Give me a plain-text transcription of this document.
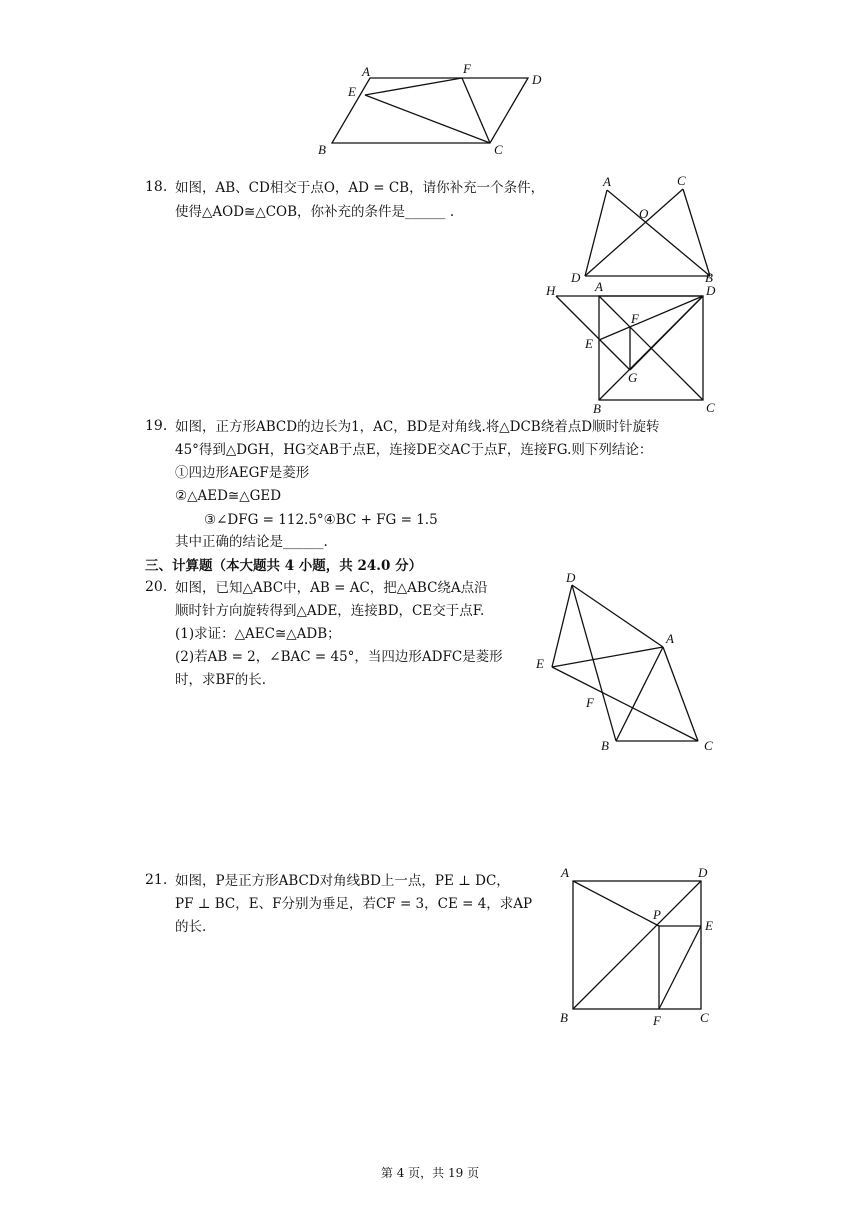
A	F
D
E
B	C
18. 如图，AB、CD相交于点O，AD = CB，请你补充一个条件，
使得△AOD≅△COB，你补充的条件是______ .
A	C
O
D	B
H	A	D
F
E
G
B	C
19. 如图，正方形ABCD的边长为1，AC，BD是对角线.将△DCB绕着点D顺时针旋转
45°得到△DGH，HG交AB于点E，连接DE交AC于点F，连接FG.则下列结论：
①四边形AEGF是菱形
②△AED≅△GED
③∠DFG = 112.5°④BC + FG = 1.5
其中正确的结论是______.
三、计算题（本大题共 4 小题，共 24.0 分）
20. 如图，已知△ABC中，AB = AC，把△ABC绕A点沿
顺时针方向旋转得到△ADE，连接BD，CE交于点F.
(1)求证：△AEC≅△ADB；
(2)若AB = 2，∠BAC = 45°，当四边形ADFC是菱形
时，求BF的长.
D
A
E
F
B	C
21. 如图，P是正方形ABCD对角线BD上一点，PE ⊥ DC，
PF ⊥ BC，E、F分别为垂足，若CF = 3，CE = 4，求AP
的长.
A	D
P
E
B	F	C
第 4 页，共 19 页
